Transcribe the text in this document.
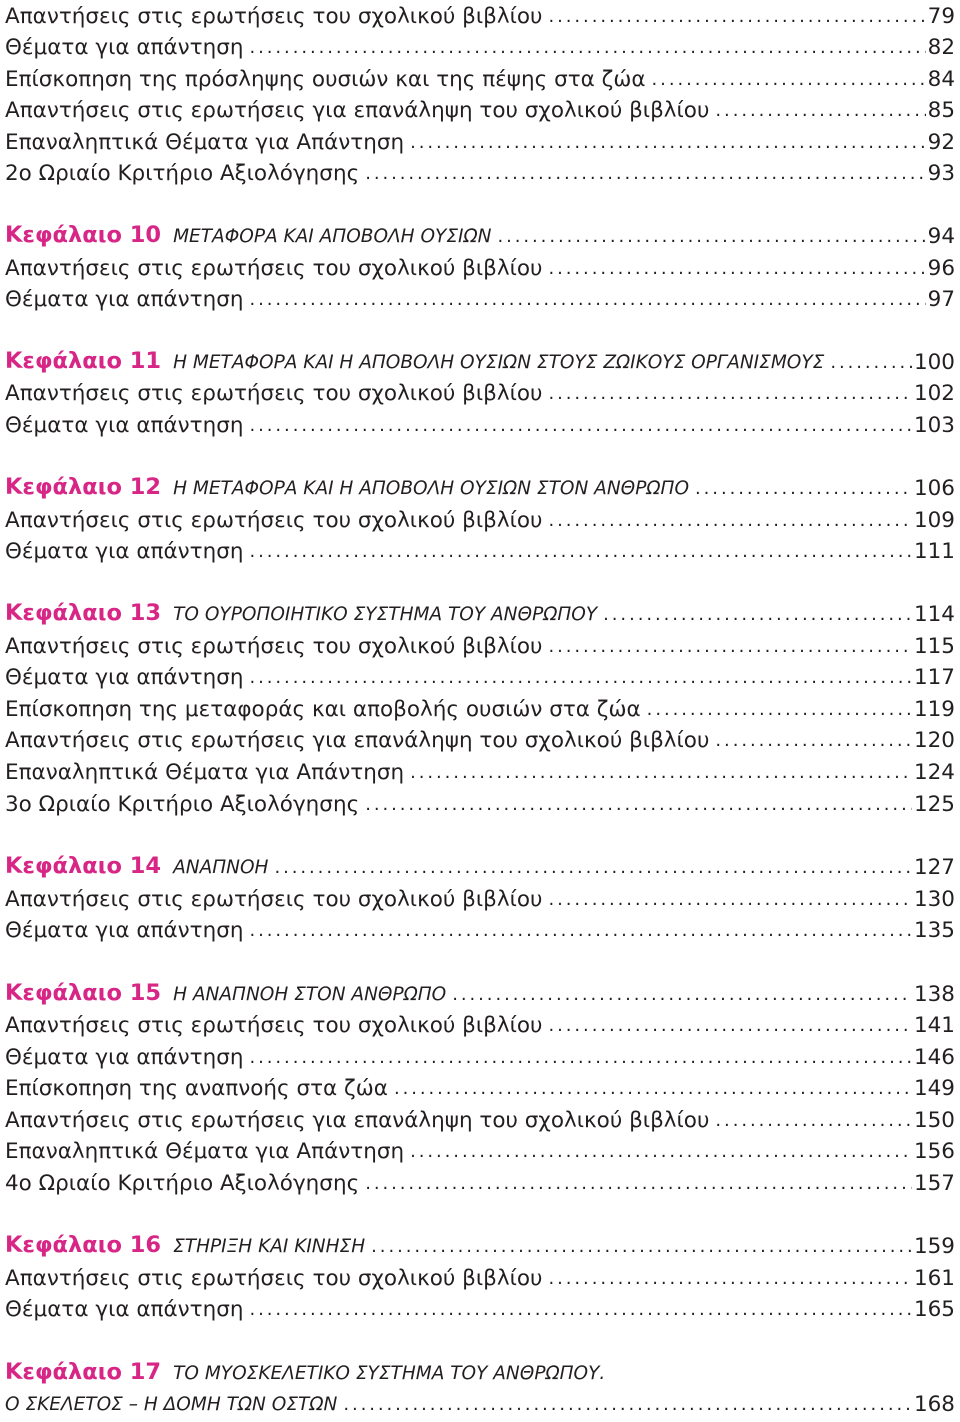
Απαντήσεις στις ερωτήσεις του σχολικού βιβλίου . . .	79
Θέματα για απάντηση . . .	82
Επίσκοπηση της πρόσληψης ουσιών και της πέψης στα ζώα . . .	84
Απαντήσεις στις ερωτήσεις για επανάληψη του σχολικού βιβλίου . . .	85
Επαναληπτικά Θέματα για Απάντηση . . .	92
2ο Ωριαίο Κριτήριο Αξιολόγησης . . .	93
Κεφάλαιο 10 ΜΕΤΑΦΟΡΑ ΚΑΙ ΑΠΟΒΟΛΗ ΟΥΣΙΩΝ . . .	94
Απαντήσεις στις ερωτήσεις του σχολικού βιβλίου . . .	96
Θέματα για απάντηση . . .	97
Κεφάλαιο 11 Η ΜΕΤΑΦΟΡΑ ΚΑΙ Η ΑΠΟΒΟΛΗ ΟΥΣΙΩΝ ΣΤΟΥΣ ΖΩΙΚΟΥΣ ΟΡΓΑΝΙΣΜΟΥΣ . . .	100
Απαντήσεις στις ερωτήσεις του σχολικού βιβλίου . . .	102
Θέματα για απάντηση . . .	103
Κεφάλαιο 12 Η ΜΕΤΑΦΟΡΑ ΚΑΙ Η ΑΠΟΒΟΛΗ ΟΥΣΙΩΝ ΣΤΟΝ ΑΝΘΡΩΠΟ . . .	106
Απαντήσεις στις ερωτήσεις του σχολικού βιβλίου . . .	109
Θέματα για απάντηση . . .	111
Κεφάλαιο 13 ΤΟ ΟΥΡΟΠΟΙΗΤΙΚΟ ΣΥΣΤΗΜΑ ΤΟΥ ΑΝΘΡΩΠΟΥ . . .	114
Απαντήσεις στις ερωτήσεις του σχολικού βιβλίου . . .	115
Θέματα για απάντηση . . .	117
Επίσκοπηση της μεταφοράς και αποβολής ουσιών στα ζώα . . .	119
Απαντήσεις στις ερωτήσεις για επανάληψη του σχολικού βιβλίου . . .	120
Επαναληπτικά Θέματα για Απάντηση . . .	124
3ο Ωριαίο Κριτήριο Αξιολόγησης . . .	125
Κεφάλαιο 14 ΑΝΑΠΝΟΗ . . .	127
Απαντήσεις στις ερωτήσεις του σχολικού βιβλίου . . .	130
Θέματα για απάντηση . . .	135
Κεφάλαιο 15 Η ΑΝΑΠΝΟΗ ΣΤΟΝ ΑΝΘΡΩΠΟ . . .	138
Απαντήσεις στις ερωτήσεις του σχολικού βιβλίου . . .	141
Θέματα για απάντηση . . .	146
Επίσκοπηση της αναπνοής στα ζώα . . .	149
Απαντήσεις στις ερωτήσεις για επανάληψη του σχολικού βιβλίου . . .	150
Επαναληπτικά Θέματα για Απάντηση . . .	156
4ο Ωριαίο Κριτήριο Αξιολόγησης . . .	157
Κεφάλαιο 16 ΣΤΗΡΙΞΗ ΚΑΙ ΚΙΝΗΣΗ . . .	159
Απαντήσεις στις ερωτήσεις του σχολικού βιβλίου . . .	161
Θέματα για απάντηση . . .	165
Κεφάλαιο 17 ΤΟ ΜΥΟΣΚΕΛΕΤΙΚΟ ΣΥΣΤΗΜΑ ΤΟΥ ΑΝΘΡΩΠΟΥ.
Ο ΣΚΕΛΕΤΟΣ – Η ΔΟΜΗ ΤΩΝ ΟΣΤΩΝ . . .	168
